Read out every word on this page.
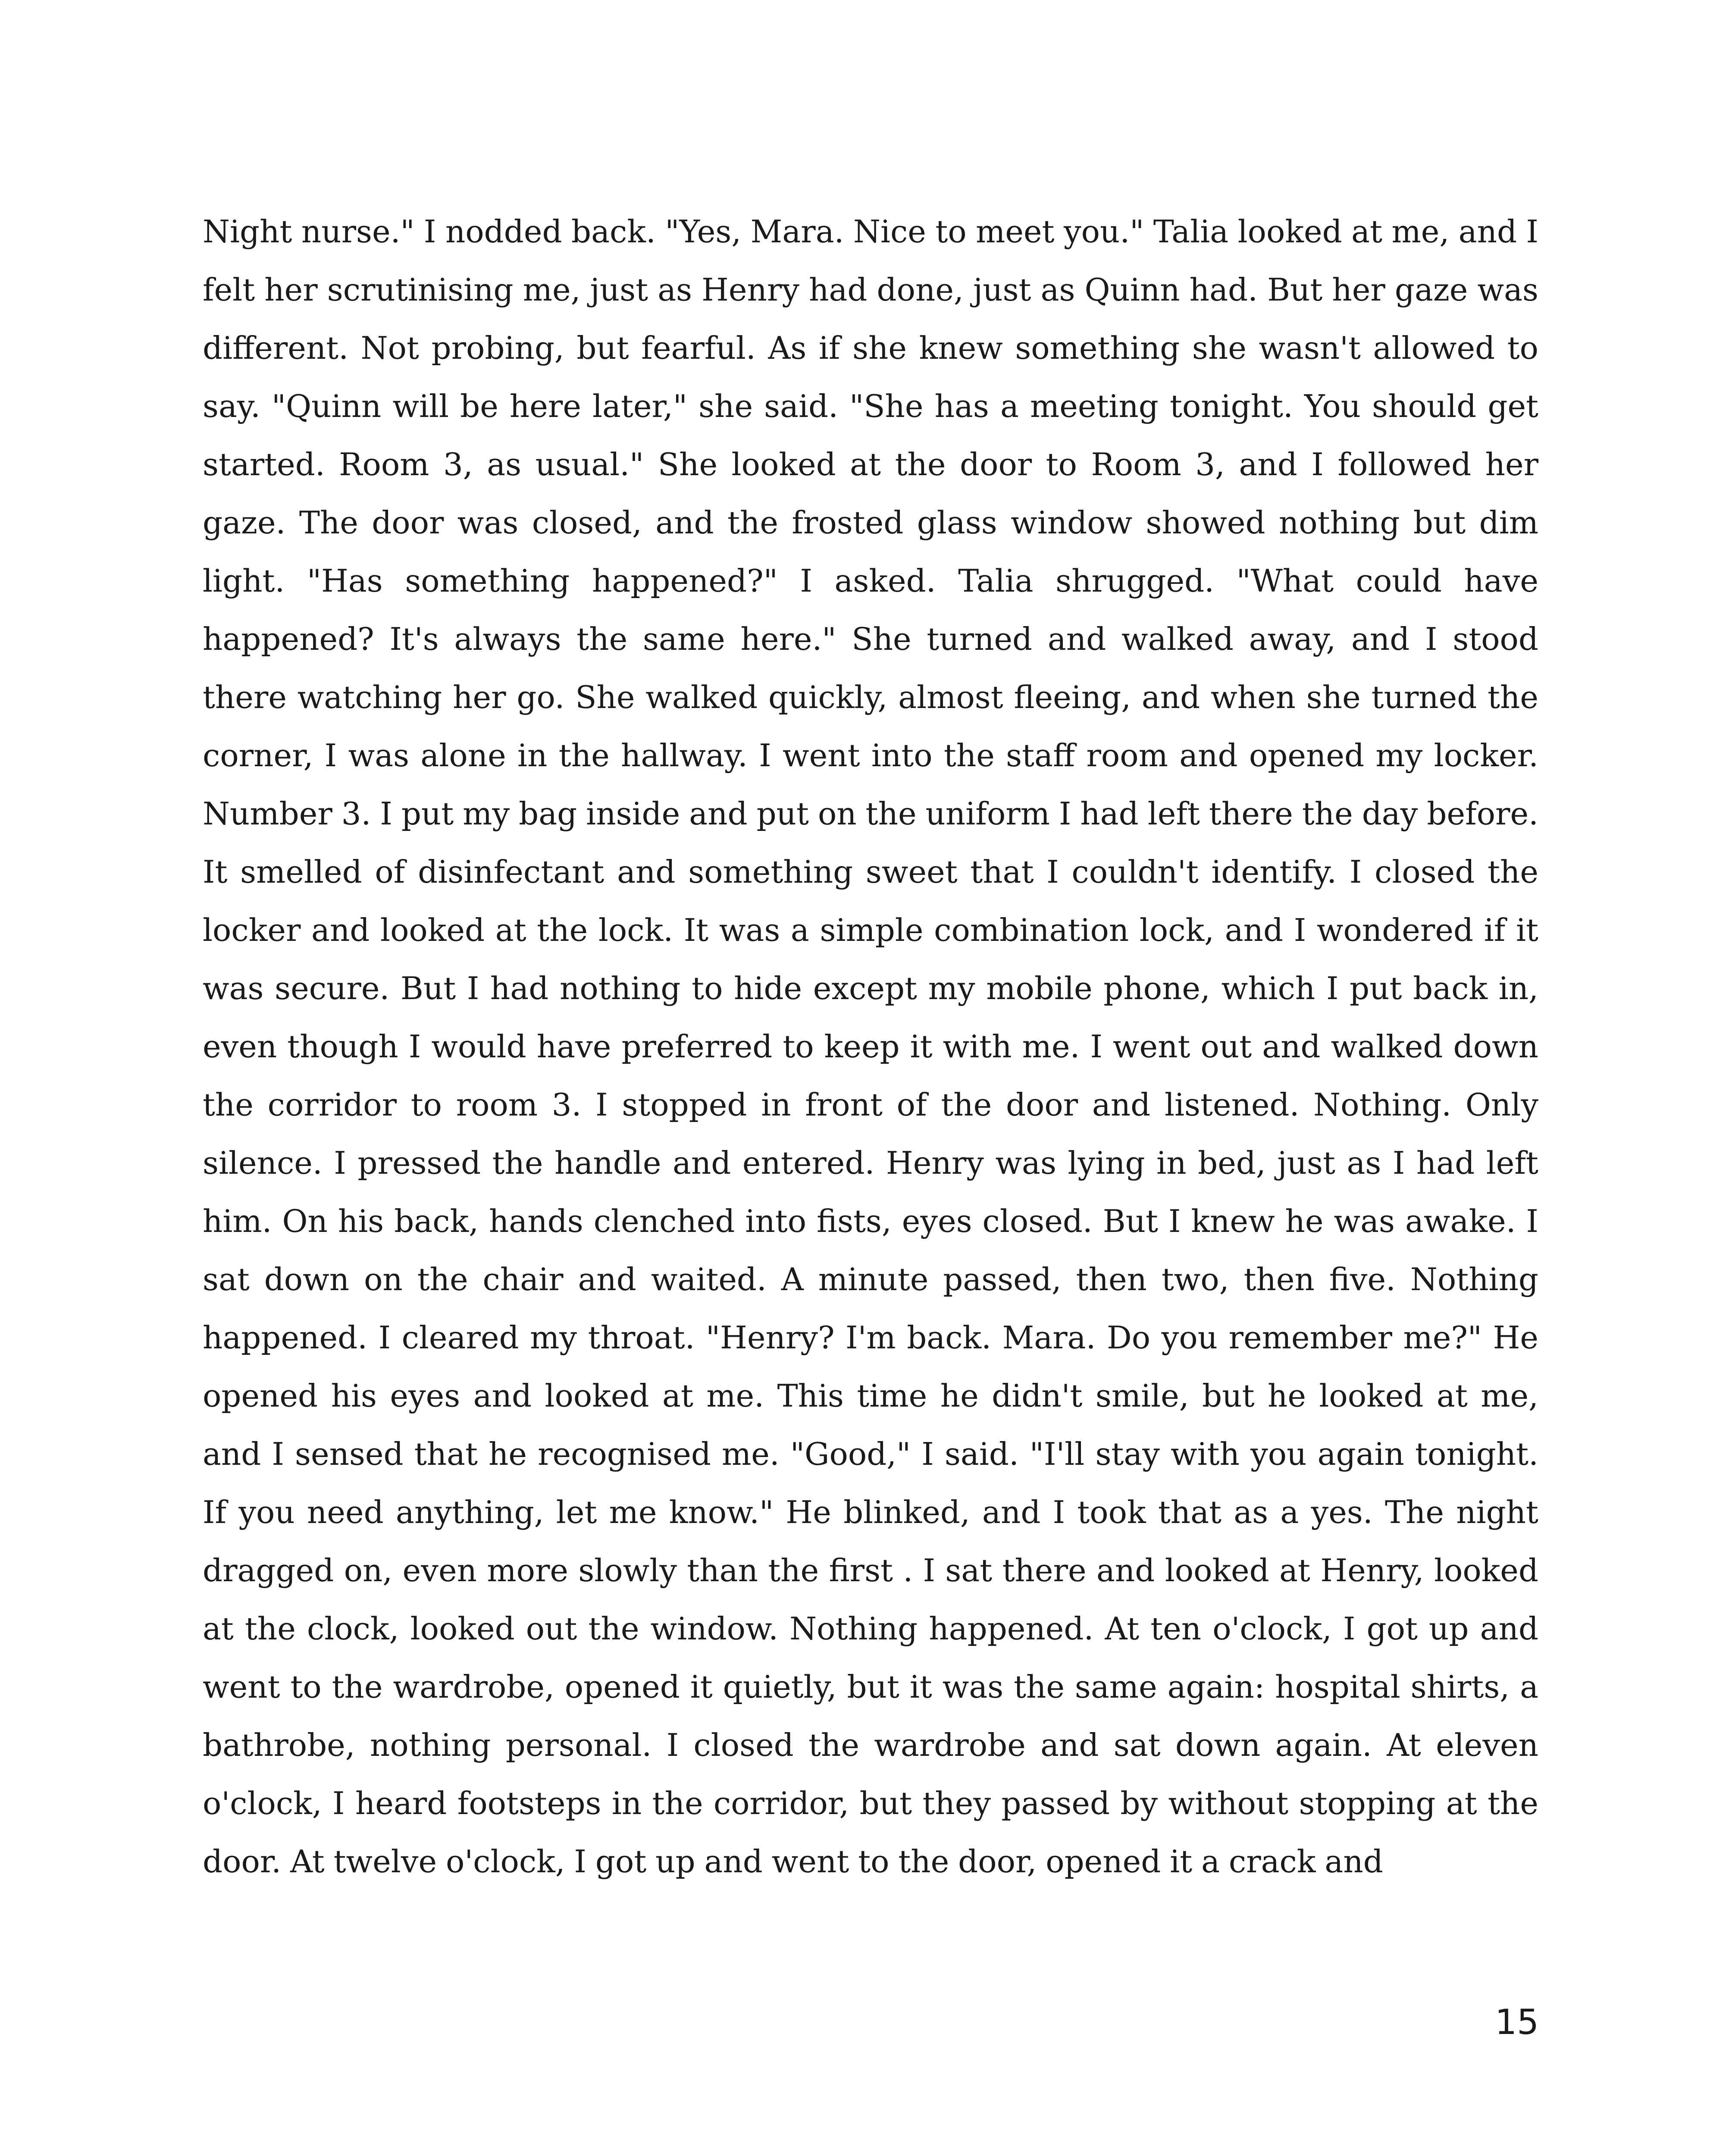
Night nurse." I nodded back. "Yes, Mara. Nice to meet you." Talia looked at me, and I felt her scrutinising me, just as Henry had done, just as Quinn had. But her gaze was different. Not probing, but fearful. As if she knew something she wasn't allowed to say. "Quinn will be here later," she said. "She has a meeting tonight. You should get started. Room 3, as usual." She looked at the door to Room 3, and I followed her gaze. The door was closed, and the frosted glass window showed nothing but dim light. "Has something happened?" I asked. Talia shrugged. "What could have happened? It's always the same here." She turned and walked away, and I stood there watching her go. She walked quickly, almost fleeing, and when she turned the corner, I was alone in the hallway. I went into the staff room and opened my locker. Number 3. I put my bag inside and put on the uniform I had left there the day before. It smelled of disinfectant and something sweet that I couldn't identify. I closed the locker and looked at the lock. It was a simple combination lock, and I wondered if it was secure. But I had nothing to hide except my mobile phone, which I put back in, even though I would have preferred to keep it with me. I went out and walked down the corridor to room 3. I stopped in front of the door and listened. Nothing. Only silence. I pressed the handle and entered. Henry was lying in bed, just as I had left him. On his back, hands clenched into fists, eyes closed. But I knew he was awake. I sat down on the chair and waited. A minute passed, then two, then five. Nothing happened. I cleared my throat. "Henry? I'm back. Mara. Do you remember me?" He opened his eyes and looked at me. This time he didn't smile, but he looked at me, and I sensed that he recognised me. "Good," I said. "I'll stay with you again tonight. If you need anything, let me know." He blinked, and I took that as a yes. The night dragged on, even more slowly than the first . I sat there and looked at Henry, looked at the clock, looked out the window. Nothing happened. At ten o'clock, I got up and went to the wardrobe, opened it quietly, but it was the same again: hospital shirts, a bathrobe, nothing personal. I closed the wardrobe and sat down again. At eleven o'clock, I heard footsteps in the corridor, but they passed by without stopping at the door. At twelve o'clock, I got up and went to the door, opened it a crack and

15
